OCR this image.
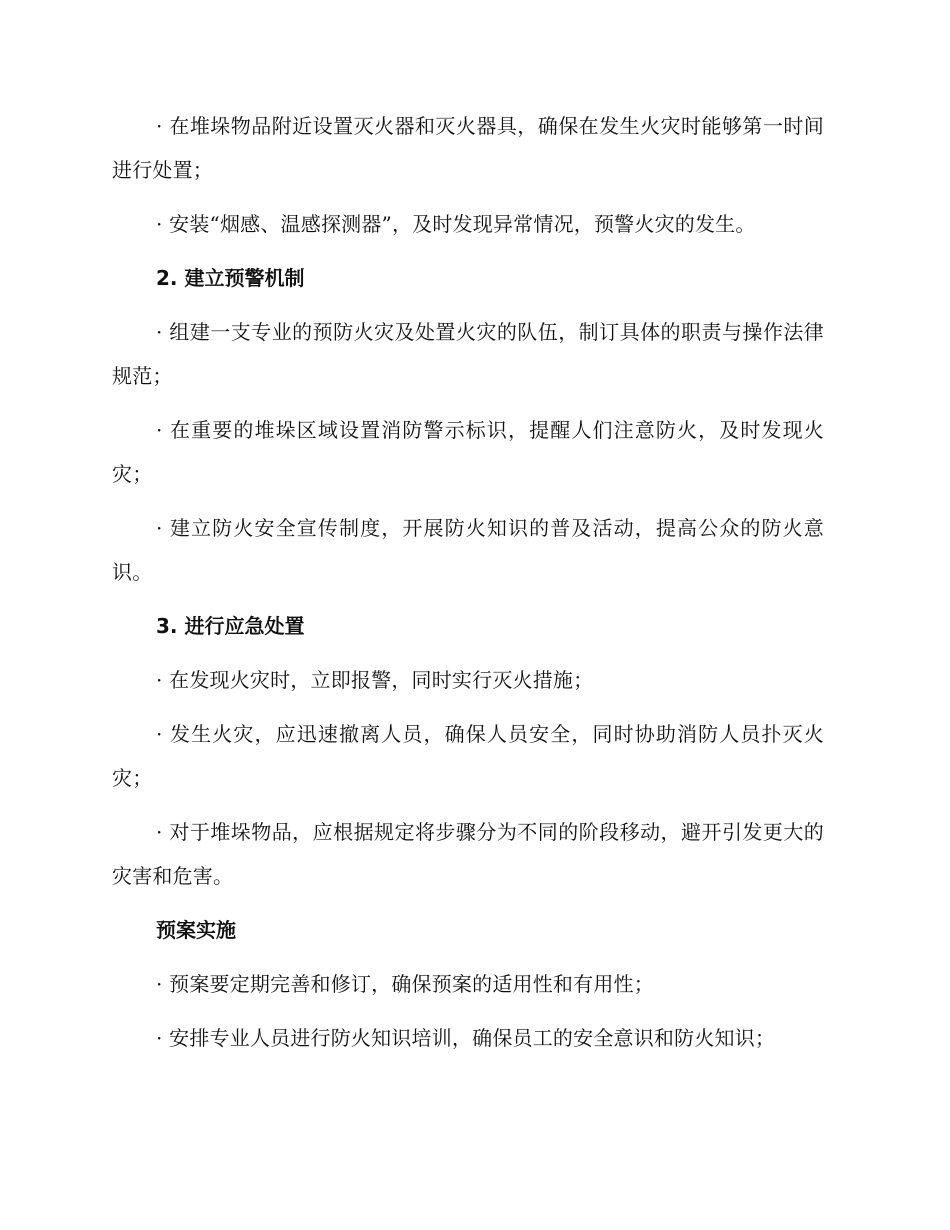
· 在堆垛物品附近设置灭火器和灭火器具，确保在发生火灾时能够第一时间进行处置；

· 安装“烟感、温感探测器”，及时发现异常情况，预警火灾的发生。

2. 建立预警机制

· 组建一支专业的预防火灾及处置火灾的队伍，制订具体的职责与操作法律规范；

· 在重要的堆垛区域设置消防警示标识，提醒人们注意防火，及时发现火灾；

· 建立防火安全宣传制度，开展防火知识的普及活动，提高公众的防火意识。

3. 进行应急处置

· 在发现火灾时，立即报警，同时实行灭火措施；

· 发生火灾，应迅速撤离人员，确保人员安全，同时协助消防人员扑灭火灾；

· 对于堆垛物品，应根据规定将步骤分为不同的阶段移动，避开引发更大的灾害和危害。

预案实施

· 预案要定期完善和修订，确保预案的适用性和有用性；

· 安排专业人员进行防火知识培训，确保员工的安全意识和防火知识；
